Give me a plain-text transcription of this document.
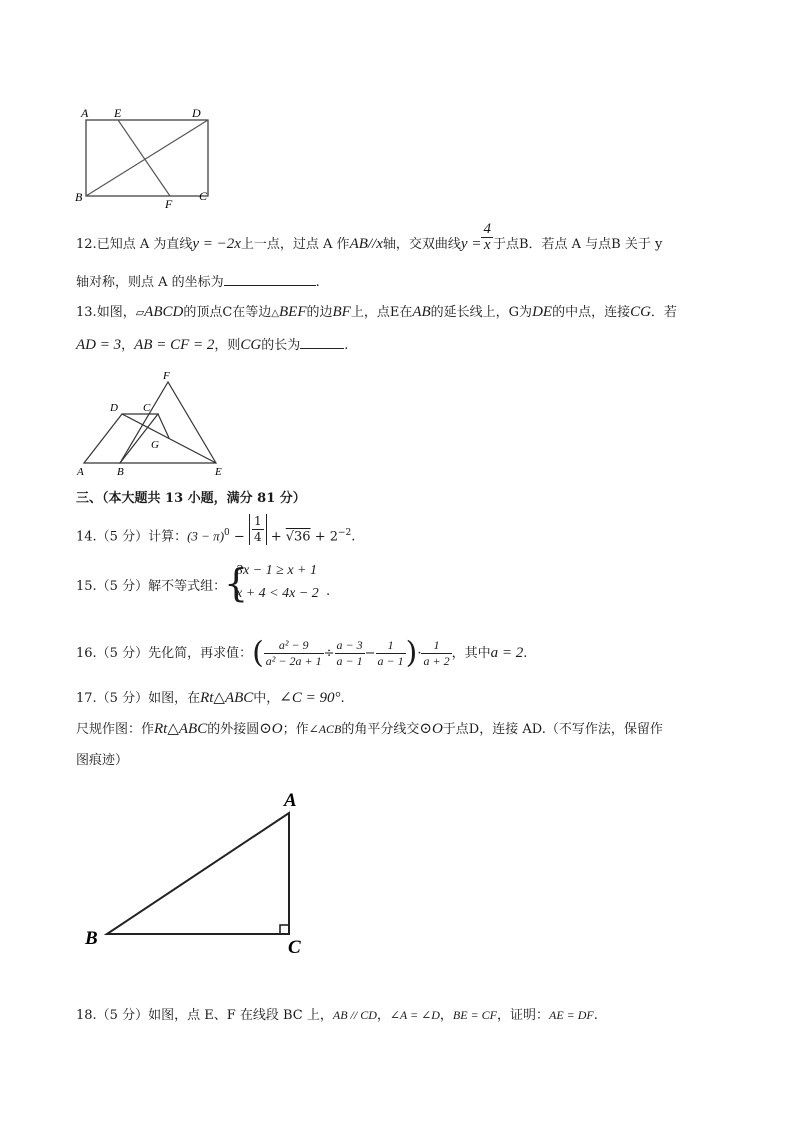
A E	D
B	F
C
12.已知点 A 为直线y = −2x上一点，过点 A 作AB//x轴，交双曲线$y = \frac{4}{x}$ 于点B．若点 A 与点B 关于 y
轴对称，则点 A 的坐标为	.
13.如图，▱ABCD的顶点C在等边△BEF的边BF上，点E在AB的延长线上，G为DE的中点，连接CG．若
AD = 3，AB = CF = 2，则CG的长为	.
F
D C
G
A	B	E
三、（本大题共 13 小题，满分 81 分）
14.（5 分）计算：$(3 - \pi)^0 - \frac{1}{4} + √36 + 2^{-2}$.
15.（5 分）解不等式组：
{
3x − 1 ≥ x + 1
x + 4 < 4x − 2 .
16.（5 分）先化简，再求值：( $\frac{\text{a² − 9}}{\text{a² − 2a + 1}} \div \frac{a - 3}{a - 1} - \frac{1}{a - 1}$ )· $\frac{1}{a + 2}$ ，其中a = 2.
17.（5 分）如图，在Rt△ABC中，∠C = 90°.
尺规作图：作Rt△ABC的外接圆⊙O；作∠ACB的角平分线交⊙O于点D，连接 AD.（不写作法，保留作
图痕迹）
A
B	C
18.（5 分）如图，点 E、F 在线段 BC 上，AB // CD，∠A = ∠D，BE = CF，证明：AE = DF.
